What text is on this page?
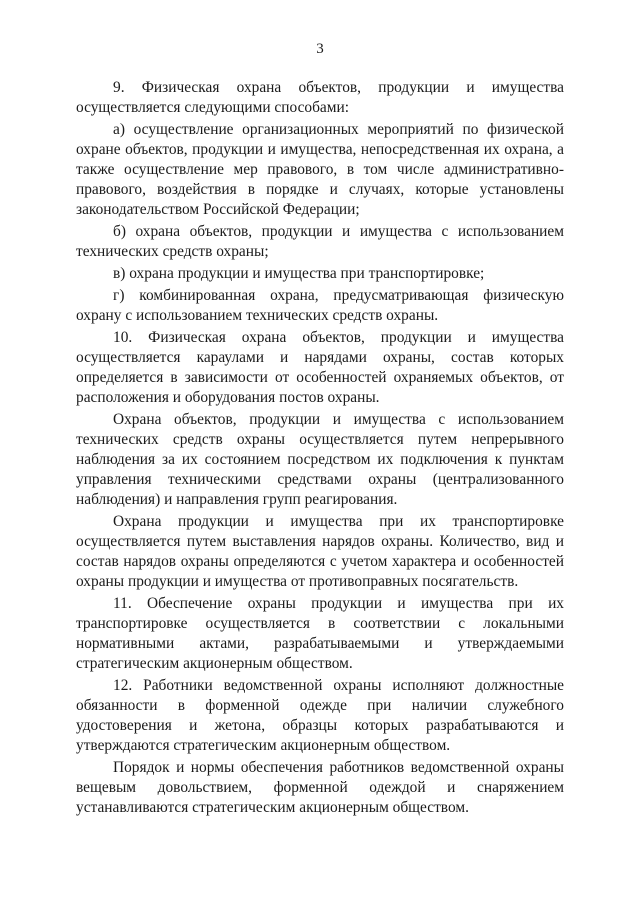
3

9. Физическая охрана объектов, продукции и имущества осуществляется следующими способами:

а) осуществление организационных мероприятий по физической охране объектов, продукции и имущества, непосредственная их охрана, а также осуществление мер правового, в том числе административно-правового, воздействия в порядке и случаях, которые установлены законодательством Российской Федерации;

б) охрана объектов, продукции и имущества с использованием технических средств охраны;

в) охрана продукции и имущества при транспортировке;

г) комбинированная охрана, предусматривающая физическую охрану с использованием технических средств охраны.

10. Физическая охрана объектов, продукции и имущества осуществляется караулами и нарядами охраны, состав которых определяется в зависимости от особенностей охраняемых объектов, от расположения и оборудования постов охраны.

Охрана объектов, продукции и имущества с использованием технических средств охраны осуществляется путем непрерывного наблюдения за их состоянием посредством их подключения к пунктам управления техническими средствами охраны (централизованного наблюдения) и направления групп реагирования.

Охрана продукции и имущества при их транспортировке осуществляется путем выставления нарядов охраны. Количество, вид и состав нарядов охраны определяются с учетом характера и особенностей охраны продукции и имущества от противоправных посягательств.

11. Обеспечение охраны продукции и имущества при их транспортировке осуществляется в соответствии с локальными нормативными актами, разрабатываемыми и утверждаемыми стратегическим акционерным обществом.

12. Работники ведомственной охраны исполняют должностные обязанности в форменной одежде при наличии служебного удостоверения и жетона, образцы которых разрабатываются и утверждаются стратегическим акционерным обществом.

Порядок и нормы обеспечения работников ведомственной охраны вещевым довольствием, форменной одеждой и снаряжением устанавливаются стратегическим акционерным обществом.
